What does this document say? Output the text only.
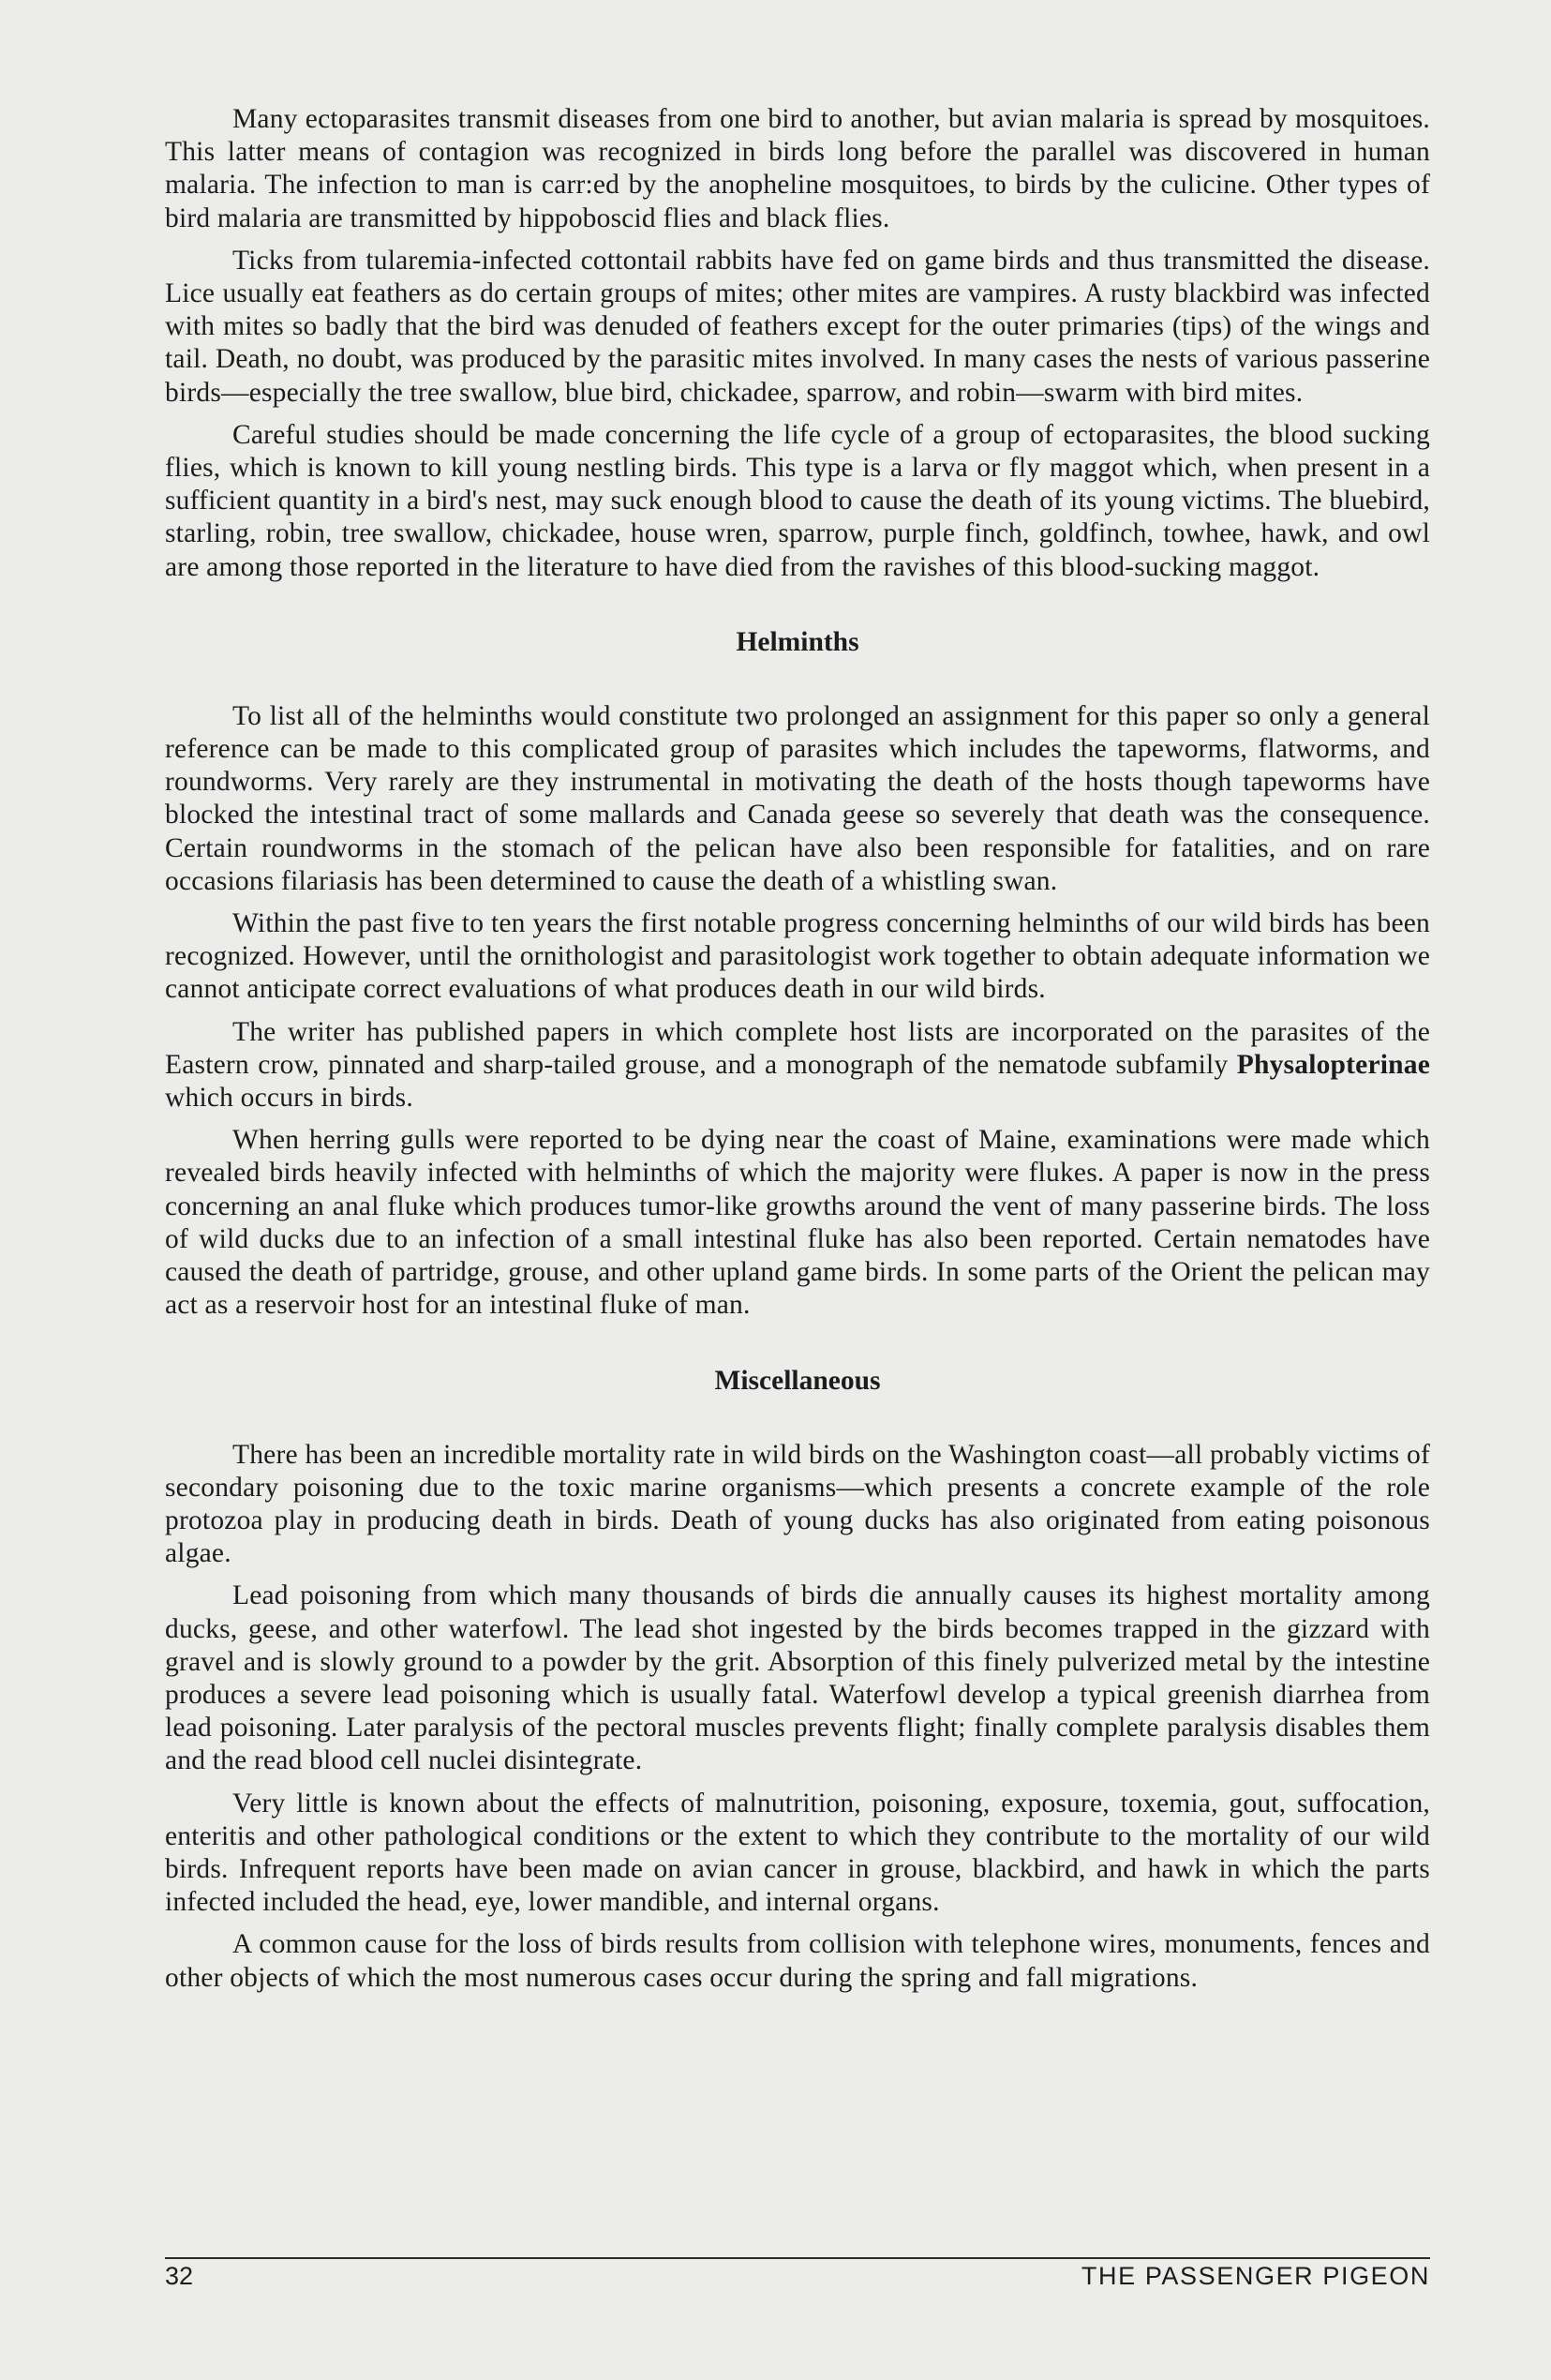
Many ectoparasites transmit diseases from one bird to another, but avian malaria is spread by mosquitoes. This latter means of contagion was recognized in birds long before the parallel was discovered in human malaria. The infection to man is carr:ed by the anopheline mosquitoes, to birds by the culicine. Other types of bird malaria are transmitted by hippoboscid flies and black flies.

Ticks from tularemia-infected cottontail rabbits have fed on game birds and thus transmitted the disease. Lice usually eat feathers as do certain groups of mites; other mites are vampires. A rusty blackbird was infected with mites so badly that the bird was denuded of feathers except for the outer primaries (tips) of the wings and tail. Death, no doubt, was produced by the parasitic mites involved. In many cases the nests of various passerine birds—especially the tree swallow, blue bird, chickadee, sparrow, and robin—swarm with bird mites.

Careful studies should be made concerning the life cycle of a group of ectoparasites, the blood sucking flies, which is known to kill young nestling birds. This type is a larva or fly maggot which, when present in a sufficient quantity in a bird's nest, may suck enough blood to cause the death of its young victims. The bluebird, starling, robin, tree swallow, chickadee, house wren, sparrow, purple finch, goldfinch, towhee, hawk, and owl are among those reported in the literature to have died from the ravishes of this blood-sucking maggot.

Helminths

To list all of the helminths would constitute two prolonged an assignment for this paper so only a general reference can be made to this complicated group of parasites which includes the tapeworms, flatworms, and roundworms. Very rarely are they instrumental in motivating the death of the hosts though tapeworms have blocked the intestinal tract of some mallards and Canada geese so severely that death was the consequence. Certain roundworms in the stomach of the pelican have also been responsible for fatalities, and on rare occasions filariasis has been determined to cause the death of a whistling swan.

Within the past five to ten years the first notable progress concerning helminths of our wild birds has been recognized. However, until the ornithologist and parasitologist work together to obtain adequate information we cannot anticipate correct evaluations of what produces death in our wild birds.

The writer has published papers in which complete host lists are incorporated on the parasites of the Eastern crow, pinnated and sharp-tailed grouse, and a monograph of the nematode subfamily Physalopterinae which occurs in birds.

When herring gulls were reported to be dying near the coast of Maine, examinations were made which revealed birds heavily infected with helminths of which the majority were flukes. A paper is now in the press concerning an anal fluke which produces tumor-like growths around the vent of many passerine birds. The loss of wild ducks due to an infection of a small intestinal fluke has also been reported. Certain nematodes have caused the death of partridge, grouse, and other upland game birds. In some parts of the Orient the pelican may act as a reservoir host for an intestinal fluke of man.

Miscellaneous

There has been an incredible mortality rate in wild birds on the Washington coast—all probably victims of secondary poisoning due to the toxic marine organisms—which presents a concrete example of the role protozoa play in producing death in birds. Death of young ducks has also originated from eating poisonous algae.

Lead poisoning from which many thousands of birds die annually causes its highest mortality among ducks, geese, and other waterfowl. The lead shot ingested by the birds becomes trapped in the gizzard with gravel and is slowly ground to a powder by the grit. Absorption of this finely pulverized metal by the intestine produces a severe lead poisoning which is usually fatal. Waterfowl develop a typical greenish diarrhea from lead poisoning. Later paralysis of the pectoral muscles prevents flight; finally complete paralysis disables them and the read blood cell nuclei disintegrate.

Very little is known about the effects of malnutrition, poisoning, exposure, toxemia, gout, suffocation, enteritis and other pathological conditions or the extent to which they contribute to the mortality of our wild birds. Infrequent reports have been made on avian cancer in grouse, blackbird, and hawk in which the parts infected included the head, eye, lower mandible, and internal organs.

A common cause for the loss of birds results from collision with telephone wires, monuments, fences and other objects of which the most numerous cases occur during the spring and fall migrations.

32	THE PASSENGER PIGEON
